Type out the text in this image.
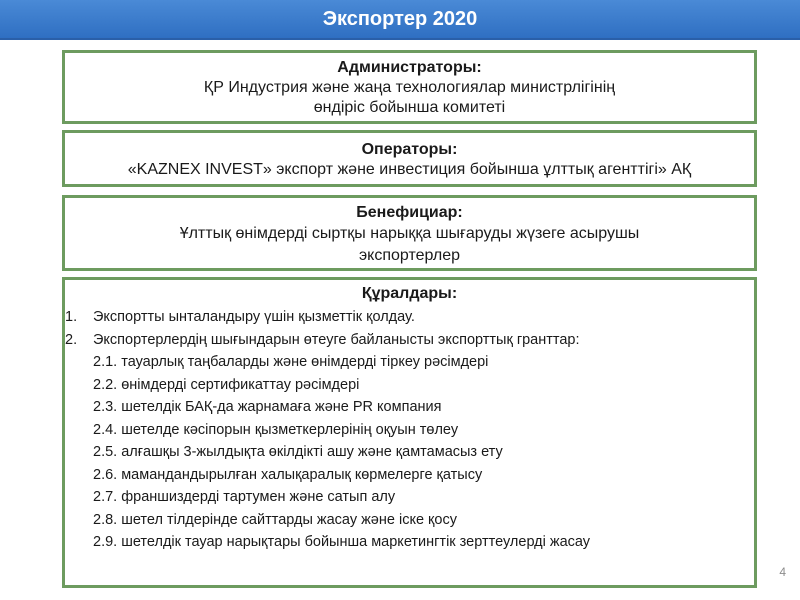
Экспортер 2020
Администраторы:
ҚР Индустрия және жаңа технологиялар министрлігінің
өндіріс бойынша комитеті
Операторы:
«KAZNEX INVEST» экспорт және инвестиция бойынша ұлттық агенттігі» АҚ
Бенефициар:
Ұлттық өнімдерді сыртқы нарыққа шығаруды жүзеге асырушы
экспортерлер
Құралдары:
1. Экспортты ынталандыру үшін қызметтік қолдау.
2. Экспортерлердің шығындарын өтеуге байланысты экспорттық гранттар:
2.1. тауарлық таңбаларды және өнімдерді тіркеу рәсімдері
2.2. өнімдерді сертификаттау рәсімдері
2.3. шетелдік БАҚ-да жарнамаға және PR компания
2.4. шетелде кәсіпорын қызметкерлерінің оқуын төлеу
2.5. алғашқы 3-жылдықта өкілдікті ашу және қамтамасыз ету
2.6. мамандандырылған халықаралық көрмелерге қатысу
2.7. франшиздерді тартумен және сатып алу
2.8. шетел тілдерінде сайттарды жасау және іске қосу
2.9. шетелдік тауар нарықтары бойынша маркетингтік зерттеулерді жасау
4
